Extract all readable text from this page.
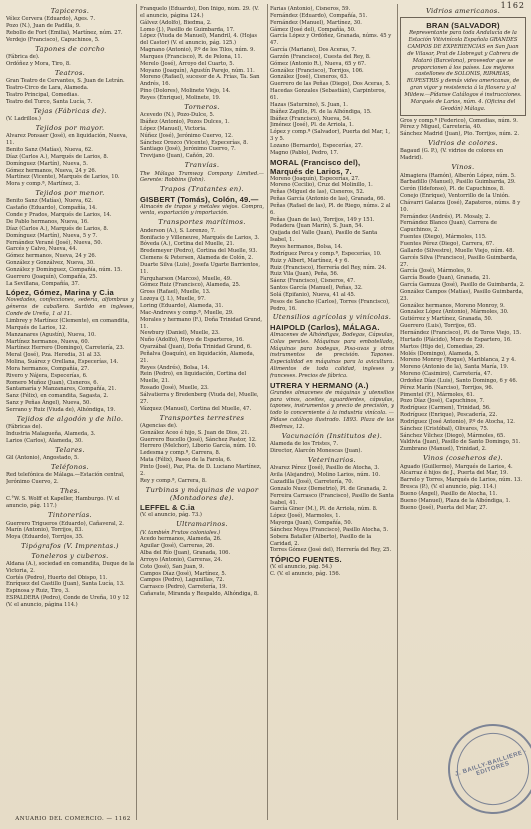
1162
Tapiceros.
Vélez Cervera (Eduardo), Ages. 7.
Pozo (N.), Juan de Padilla, 9.
Rebollo de Fort (Emilia), Martínez, núm. 27.
Verdejo (Francisco), Capuchinos, 5.
Tapones de corcho
(Fábrica de).
Ordóñez y Mora, Tiro, 8.
Teatros.
Gran Teatro de Cervantes, S. Juan de Letrán.
Teatro-Circo de Lara, Alameda.
Teatro Principal, Comedias.
Teatro del Turco, Santa Lucía, 7.
Tejas (Fábricas de).
(V. Ladrillos.)
Tejidos por mayor.
Alvarez Ponsaer (José), en liquidación, Nueva, 11.
Benito Sanz (Matías), Nueva, 62.
Díaz (Carlos A.), Marqués de Larios, 8.
Domínguez (Martín), Nueva, 5.
Gómez hermanos, Nueva, 24 y 26.
Martínez (Vicente), Marqués de Larios, 10.
Mora y comp.ª, Martínez, 3.
Tejidos por menor.
Benito Sanz (Matías), Nueva, 62.
Castaño (Eduardo), Compañía, 14.
Conde y Prados, Marqués de Larios, 14.
De Pablo hermanos, Nueva, 16.
Díaz (Carlos A.), Marqués de Larios, 8.
Domínguez (Martín), Nueva, 5 y 7.
Fernández Verané (José), Nueva, 50.
Garcés y Calvo, Nueva, 44.
Gómez hermanos, Nueva, 24 y 26.
González y Gonzálvez, Nueva, 30.
González y Domínguez, Compañía, núm. 15.
Guerrero (Joaquín), Compañía, 25.
La Sevillana, Compañía, 37.
López, Gómez, Marina y C.ia
Novedades, confecciones, sedería, alfombras y géneros de caballero. Surtido en ingleses, Conde de Ureña, 1 al 11.
Limbrey y Martínez (Clemente), en comandita, Marqués de Larios, 12.
Manzanares (Agustín), Nueva, 10.
Martínez hermanos, Nueva, 60.
Martínez Herrero (Domingo), Carretería, 23.
Meral (José), Pza. Heredia, 31 al 33.
Molina, Suárez y Orellana, Especerías, 14.
Mora hermanos, Compañía, 27.
Rivero y Nájera, Especerías, 6.
Romero Muñoz (Juan), Cisneros, 6.
Santamaría y Manzanares, Compañía, 21.
Sanz (Félix), en comandita, Sagasta, 2.
Sanz y Peñas Ángel), Nueva, 50.
Serrano y Ruiz (Viuda de), Alhóndiga, 19.
Tejidos de algodón y de hilo.
(Fábricas de).
Industria Malagueña, Alameda, 3.
Larios (Carlos), Alameda, 30.
Telares.
Gil (Antonio), Angostado, 5.
Teléfonos.
Red telefónica de Málaga.—Estación central, Jerónimo Cuervo, 2.
Thes.
C.°W. S. Wolff et Kapeller, Hamburgo. (V. el anuncio, pág. 117.)
Tintorerías.
Guerrero Trigueros (Eduardo), Cañaveral, 2.
Marín (Antonio), Torrijos, 83.
Moya (Eduardo), Torrijos, 35.
Tipógrafos (V. Imprentas.)
Toneleros y cuberos.
Aldana (A.), sociedad en comandita, Duque de la Victoria, 2.
Cortés (Pedro), Huerto del Obispo, 11.
Enríquez del Castillo (Juan), Santa Lucía, 13.
Espinosa y Ruiz, Tiro, 3.
ESPALDERA (Pedro), Conde de Ureña, 10 y 12 (V. el anuncio, página 114.)
Franquelo (Eduardo), Don Iñigo, núm. 29. (V. el anuncio, página 124.)
Gálvez (Adolfo), Biedma, 2.
Lomo (J.), Pasillo de Guimbarda, 17.
López (Viuda de Manuel), Mandril, 4. (Hojas del Castor) (V. el anuncio, pág. 125.)
Magnano (Antonio), P.º de los Tilos, núm. 9.
Marques (Francisco), R. de Pelona, 11.
Merelo (José), Arroyo del Cuarto, 5.
Moyano (Joaquín), Agustín Parejo, núm. 11.
Moreno (Rafael), sucesor de A. Frías, Ta. San Andrés, 16.
Pino (Dolores), Molinete Viejo, 14.
Reyes (Enrique), Molinete, 19.
Torneros.
Acevedo (N.), Pozo-Dulce, 5.
Ibáñez (Antonio), Pozos Dulces, 1.
López (Manuel), Victoria.
Núñez (José), Jerónimo Cuervo, 12.
Sánchez Orozco (Vicente), Especerías, 8.
Santiago (José), Jerónimo Cuervo, 7.
Trevijano (Juan), Cañón, 20.
Tranvías.
The Málaga Tramway Company Limited.—Gerente: Robbins (John).
Trapos (Tratantes en).
GISBERT (Tomás), Colón, 49.—
Almacén de trapos y metales viejos. Compra, venta, exportación y importación.
Transportes marítimos.
Anderson (A.), S. Lorenzo, 7.
Bonifacio y Villeneuve, Marqués de Larios, 3.
Bóveda (A.), Cortina del Muelle, 21.
Bredemeyer (Pedro), Cortina del Muelle, 93.
Clemens & Petersen, Alameda de Colón, 2.
Duarte Silva (Luis), Josefa Ugarte Barrientos, 11.
Farquharson (Marcos), Muelle, 49.
Gómez Ruiz (Francisco), Alameda, 25.
Gross (Rafael), Muelle, 13.
Lozoya (J. I.), Muelle, 97.
Loring (Eduardo), Alameda, 31.
Mac-Andrews y comp.ª, Muelle, 29.
Morales y hermano (F.), Doña Trinidad Grund, 11.
Newbury (Daniel), Muelle, 23.
Nuño (Adolfo), Hoyo de Esparteros, 16.
Oyarzábal (Juan), Doña Trinidad Grund, 6.
Peñalva (Joaquín), en liquidación, Alameda, 21.
Reyes (Andrés), Bolsa, 14.
Rein (Pedro), en liquidación, Cortina del Muelle, 21.
Rosado (José), Muelle, 23.
Sálvatierra y Bredenberg (Viuda de), Muelle, 27.
Vázquez (Manuel), Cortina del Muelle, 47.
Transportes terrestres
(Agencias de).
González Aceo é hijo, S. Juan de Dios, 21.
Guerrero Bucello (José), Sánchez Pastor, 12.
Herrero (Melchor), Liborio García, núm. 10.
Ledesma y comp.ª, Carrera, 8.
Mata (Félix), Paseo de la Farola, 6.
Pinto (José), Paz, Pta. de D. Luciano Martínez, 2.
Rey y comp.ª, Carrera, 8.
Turbinas y máquinas de vapor (Montadores de).
LEFFEL & C.ia
(V. el anuncio, pág. 73.)
Ultramarinos.
(V. también Frutos coloniales.)
Acedo hermanos, Alameda, 26.
Aguilar (José), Carreras, 26.
Alba del Río (Juan), Granada, 106.
Arroyo (Antonio), Carreras, 24.
Coto (José), San Juan, 9.
Campos Díaz (José), Martínez, 5.
Campos (Pedro), Lagunillas, 72.
Carrasco (Pedro), Carretería, 19.
Cañavate, Miranda y Respaldo, Alhóndiga, 8.
Farías (Antonio), Cisneros, 59.
Fernández (Eduardo), Compañía, 51.
Fernández (Manuel), Martínez, 30.
Gámez (José del), Compañía, 50.
García López y Ordóñez, Granada, núms. 45 y 47.
García (Mariano), Dos Aceras, 7.
Garzón (Francisco), Cuesta del Rey, 8.
Gómez (Antonio R.), Nueva, 65 y 67.
González (Francisco), Torrijos, 106.
González (José), Cisneros, 63.
Guerrero de las Peñas (Diego), Dos Aceras, 5.
Hacedas Gonzales (Sebastián), Carpinteros, 61.
Hazas (Saturnino), S. Juan, 1.
Ibáñez Zapillo, Pl. de la Alhóndiga, 15.
Ibáñez (Francisco), Nueva, 54.
Jiménez (José), Pl. de Arriola, 1.
López y comp.ª (Salvador), Puerta del Mar, 1, 3 y 5.
Lozano (Bernardo), Especerías, 27.
Magno (Pablo), Pedro, 17.
MORAL (Francisco del), Marqués de Larios, 7.
Moreno (Joaquín), Especerías, 27.
Moreno (Cecilio), Cruz del Molinillo, 1.
Peñas (Miguel de las), Cisneros, 52.
Peñas García (Antonio de las), Granada, 66.
Peñas (Rafael de las), Pl. de Riego, núms. 2 al 6.
Peñas (Juan de las), Torrijos, 149 y 151.
Podadera (Juan Marín), S. Juan, 54.
Quijada del Valle (Juan), Pasillo de Santa Isabel, 1.
Reyes hermanos, Bolsa, 14.
Rodríguez Perca y comp.ª, Especerías, 10.
Ruiz y Albert, Martínez, 4 y 6.
Ruiz (Francisco), Herrería del Rey, núm. 24.
Ruiz Vila (Juan), Peña, 56.
Sáenz (Francisco), Cisneros, 47.
Santos García (Manuel), Peñas, 32.
Solá (Epifanio), Nueva, 41 al 45.
Pesos de Sancho (Carlos), Torres (Francisco), Pedro, 16.
Utensilios agrícolas y vinícolas.
HAIPOLD (Carlos), MÁLAGA.
Almacenes de Alhóndigas, Bodegas, Cápsulas, Colas perales. Máquinas para embotellado, Máquinas para bodegas, Pisa-uvas y otros instrumentos de precisión. Tapones. Especialidad en máquinas para la avicultura. Alimentos de toda calidad, ingleses y franceses. Precios de fábrica.
UTRERA Y HERMANO (A.)
Grandes almacenes de máquinas y utensilios para vinos, aceites, aguardientes, cápsulas, tapones, instrumentos y precio de precisión, y todo lo concerniente á la industria vinícola. —Pídase catálogo ilustrado. 1893. Plaza de las Biedmas, 12.
Vacunación (Institutos de).
Alameda de los Tristes, 7.
Director, Alarcón Monescas (Juan).
Veterinarios.
Alvarez Pérez (José), Pasillo de Atocha, 3.
Avila (Alejandro), Molino Larios, núm. 10.
Cazadilla (José), Carretería, 70.
Gonzalo Nuez (Demetrio), Pl. de Granada, 2.
Ferreira Carrasco (Francisco), Pasillo de Santa Isabel, 41.
García Giner (M.), Pl. de Arriola, núm. 8.
López (José), Marmoles, 1.
Mayorga (Juan), Compañía, 50.
Sánchez Moya (Francisco), Pasillo Atocha, 5.
Sobera Bataller (Alberto), Pasillo de la Caridad, 2.
Torres Gómez (José del), Herrería del Rey, 25.
TÓPICO FUENTES.
(V. el anuncio, pág. 54.)
C. (V. el anuncio, pág. 156.
Vidrios americanos.
BRAN (SALVADOR)
Representante para toda Andalucía de la Estación Vitivinícola Española GRANDES CAMPOS DE EXPERIENCIAS en San Juan de Vilasar, Prat de Llobregat y Cabrera de Mataró (Barcelona), proveedor que se proporcionen á los países. Los mejores castellones de SOLONIS, RIPARIAS, RUPESTRIS y demás vides americanas, de gran vigor y resistencia á la filoxera y al Mildew.—Pídanse Catálogos é instrucciones. Marqués de Larios, núm. 4. (Oficina del Geodán) Málaga.
Gros y comp.ª (Federico), Comedias, núm. 9.
Pérez y Miguel, Carretería, 40.
Sánchez Madrid (Juan), Pto. Torrijos, núm. 2.
Vidrios de colores.
Bagaud (G. P.), (V. vidrios de colores en Madrid).
Vinos.
Almagiera (Ramón), Alberón López, núm. 5.
Barbadillo (Manuel), Pasillo Guimbarda, 29.
Cerón (Ildefonso), Pl. de Capuchinos, 8.
Conejo (Enrique), Ventorrillo de la Unión.
Chávarri Galarza (José), Zapateros, núms. 8 y 10.
Fernández (Andrés), Pl. Mosaly, 2.
Fernández Blanco (Juan), Carrera de Capuchinos, 2.
Fuentes (Diego), Mármoles, 115.
Fuentes Pérez (Diego), Carrera, 67.
Gallardo (Silvestre), Muelle Viejo, núm. 48.
Garcés Silva (Francisco), Pasillo Guimbarda, 27.
García (José), Mármoles, 9.
García Boado (Juan), Granada, 21.
García Gamuza (José), Pasillo de Guimbarda, 2.
González Campos (Matías), Pasillo Guimbarda, 23.
González hermanos, Moreno Monroy, 9.
Gonzalez López (Antonio), Mármoles, 30.
Gutiérrez y Martínez, Granada, 50.
Guerrero (Luis), Torrijos, 65.
Hernández (Francisco), Pl. de Toros Viejo, 15.
Hurtado (Plácido), Muro de Espartero, 16.
Martos (Hijo de), Comedias, 29.
Molés (Domingo), Alameda, 5.
Moreno Monroy (Roque), Mariblanca, 2 y 4.
Moreno (Antonio de la), Santa María, 19.
Moreno (Casimiro), Carretería, 47.
Ordoñez Díaz (Luis), Santo Domingo, 6 y 46.
Pérez Marín (Narciso), Torrijos, 96.
Pimentel (F.), Mármoles, 61.
Pozo Díaz (José), Capuchinos, 7.
Rodríguez (Carmen), Trinidad, 56.
Rodríguez (Enrique), Pescadería, 22.
Rodríguez (José Antonio), P.º de Atocha, 12.
Sánchez (Cristóbal), Olivares, 75.
Sánchez Vílchez (Diego), Mármoles, 65.
Valdivia (Juan), Pasillo de Santo Domingo, 51.
Zumbrano (Manuel), Trinidad, 2.
Vinos (coseheros de).
Aguado (Guillermo), Marqués de Larios, 4.
Alcarraz é hijos de J., Puerta del Mar, 19.
Barrelo y Torres, Marqués de Larios, núm. 13.
Bresca (P.), (V. el anuncio, pág. 114.)
Bueno (Ángel), Pasillo de Atocha, 11.
Bueno (Manuel), Plaza de la Albóndiga, 1.
Bueno (José), Puerta del Mar, 27.
ANUARIO DEL COMERCIO. — 1162
J. BAILLY-BAILLIERE · EDITORES
